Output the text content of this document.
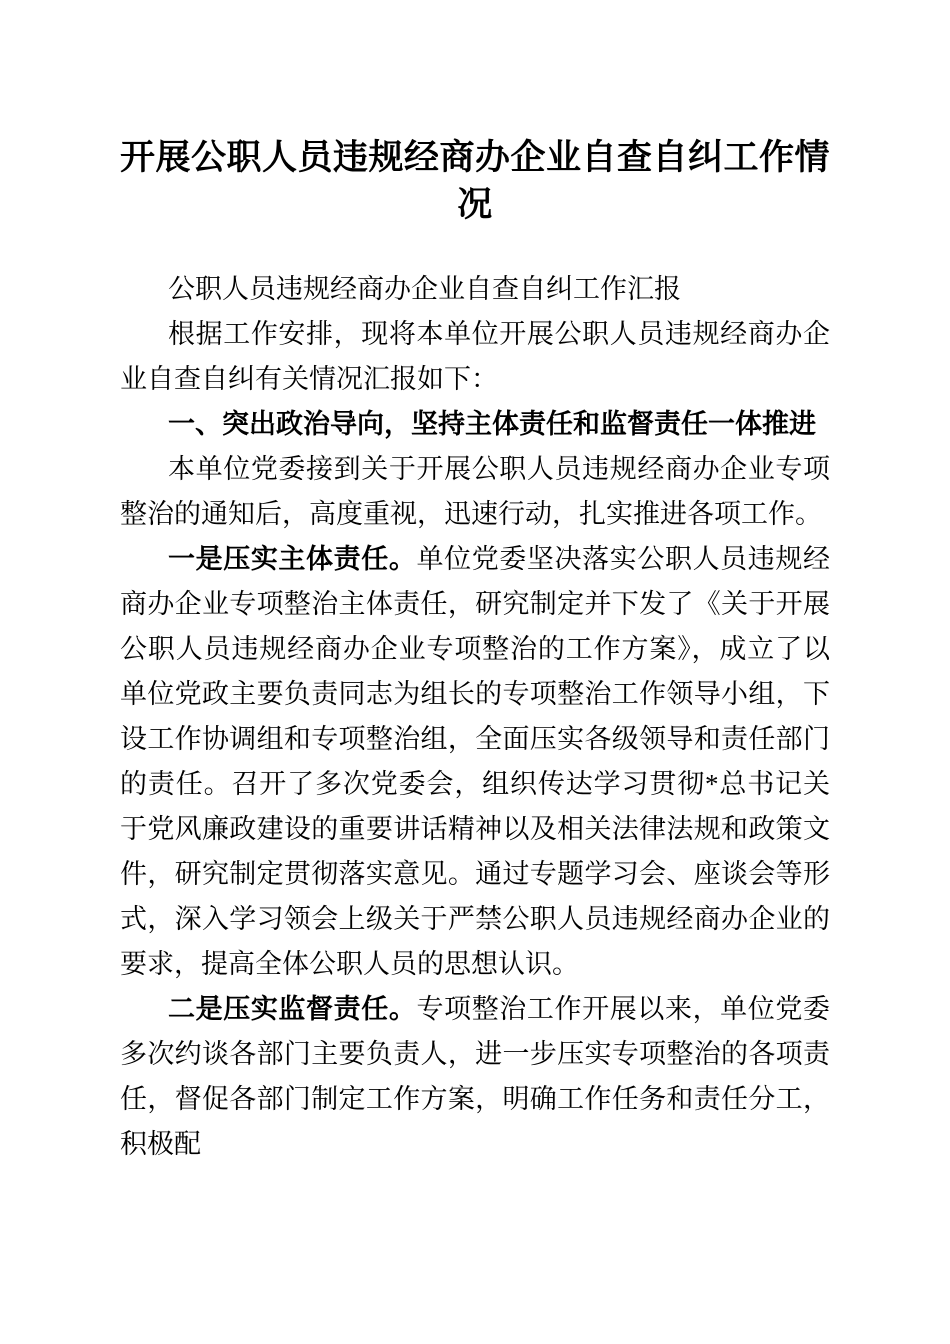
开展公职人员违规经商办企业自查自纠工作情况

公职人员违规经商办企业自查自纠工作汇报

根据工作安排，现将本单位开展公职人员违规经商办企业自查自纠有关情况汇报如下：

一、突出政治导向，坚持主体责任和监督责任一体推进

本单位党委接到关于开展公职人员违规经商办企业专项整治的通知后，高度重视，迅速行动，扎实推进各项工作。

一是压实主体责任。单位党委坚决落实公职人员违规经商办企业专项整治主体责任，研究制定并下发了《关于开展公职人员违规经商办企业专项整治的工作方案》，成立了以单位党政主要负责同志为组长的专项整治工作领导小组，下设工作协调组和专项整治组，全面压实各级领导和责任部门的责任。召开了多次党委会，组织传达学习贯彻*总书记关于党风廉政建设的重要讲话精神以及相关法律法规和政策文件，研究制定贯彻落实意见。通过专题学习会、座谈会等形式，深入学习领会上级关于严禁公职人员违规经商办企业的要求，提高全体公职人员的思想认识。

二是压实监督责任。专项整治工作开展以来，单位党委多次约谈各部门主要负责人，进一步压实专项整治的各项责任，督促各部门制定工作方案，明确工作任务和责任分工，积极配
